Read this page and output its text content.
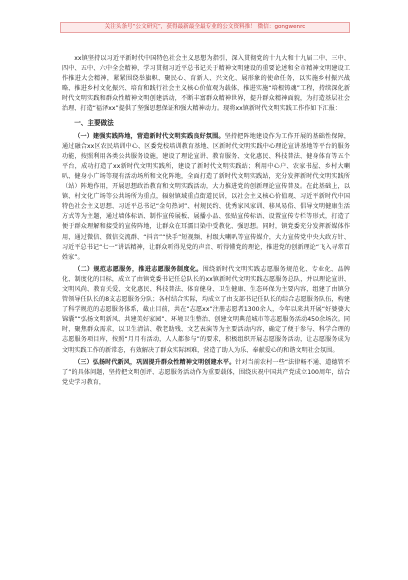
关注头条号“公文研究”，获得最新最全最专业的公文资料推！ 微信：gongwenrc

xx镇坚持以习近平新时代中国特色社会主义思想为指引，深入贯彻党的十九大和十九届二中、三中、四中、五中、六中全会精神，学习贯彻习近平总书记关于精神文明建设的重要论述和全市精神文明建设工作推进大会精神，紧紧围绕举旗帜、聚民心、育新人、兴文化、展形象的使命任务，以实施乡村振兴战略、推进乡村文化振兴、培育和践行社会主义核心价值观为载体，推进实施“培根铸魂”工程，持续深化新时代文明实践和群众性精神文明创建活动，不断丰富群众精神世界，提升群众精神面貌，为打造基层社会治理、打造“福泽xx”提供了坚强思想保证和强大精神动力。现将xx镇新时代文明实践工作作如下汇报：

一、主要做法

（一）建强实践阵地，营造新时代文明实践良好氛围。坚持把阵地建设作为工作开展的基础性保障，通过融合xx区农民培训中心、区委党校培训教育基地、区新时代文明实践中心理论宣讲基地等平台的服务功能，按照利用各类公共服务设施，建设了理论宣讲、教育服务、文化惠民、科技普法、健身体育等五个平台，成功打造了xx新时代文明实践所，建设了新时代文明实践站；利用中心户、农家书屋、乡村大喇叭、健身小广场等现有活动场所和文化阵地，全面打造了新时代文明实践站，充分发挥新时代文明实践所（站）阵地作用，开展思想政治教育和文明实践活动，大力推进党的创新理论宣传普及。在此基础上，以镇、村文化广场等公共场所为重点，辐射镇域重点街道民居，以社会主义核心价值观、习近平新时代中国特色社会主义思想、习近平总书记“金句热词”、村规民约、优秀家风家训、移风易俗、倡导文明健康生活方式等为主题，通过墙体标语、制作宣传展板、展播小品、张贴宣传标语、设置宣传专栏等形式，打造了便于群众理解和接受的宣传阵地，让群众在耳濡目染中受教化、强思想。同时，镇党委充分发挥新媒体作用，通过微信、微信交流群、“抖音”“快手”短视频、村级大喇叭等宣传媒介，大力宣传党中央大政方针、习近平总书记“七一”讲话精神，让群众听得见党的声音、听得懂党的理论，推进党的创新理论“飞入寻常百姓家”。

（二）规范志愿服务，推进志愿服务制度化。围绕新时代文明实践志愿服务规范化、专业化、品牌化、制度化的目标，成立了由镇党委书记任总队长的xx镇新时代文明实践志愿服务总队，并以理论宣讲、文明风尚、教育关爱、文化惠民、科技普法、体育健身、卫生健康、生态环保为主要内容，组建了由镇分管领导任队长的8支志愿服务分队；各村结合实际，均成立了由支部书记任队长的综合志愿服务队伍，构建了科学规范的志愿服务体系，截止目前，共在“志愿xx”注册志愿者1300余人，今年以来共开展“好婆婆大锦囊”“弘扬文明新风、共建美好家园”、环境卫生整治、创建文明典范城市等志愿服务活动450余场次。同时，聚焦群众需求，以卫生清洁、敬老助残、文艺表演等为主要活动内容，确定了便于参与、科学合理的志愿服务项目库，按照“月月有活动，人人都参与”的要求，积极组织开展志愿服务活动，让志愿服务成为文明实践工作的新常态，有效解决了群众实际困难，营造了助人为乐、奉献爱心的和谐文明社会氛围。

（三）弘扬时代新风，巩固提升群众性精神文明创建水平。针对当前农村一些“法律畅不通、道德管不了”的具体问题，坚持把文明创评、志愿服务活动作为重要载体，围绕庆祝中国共产党成立100周年，结合党史学习教育，
